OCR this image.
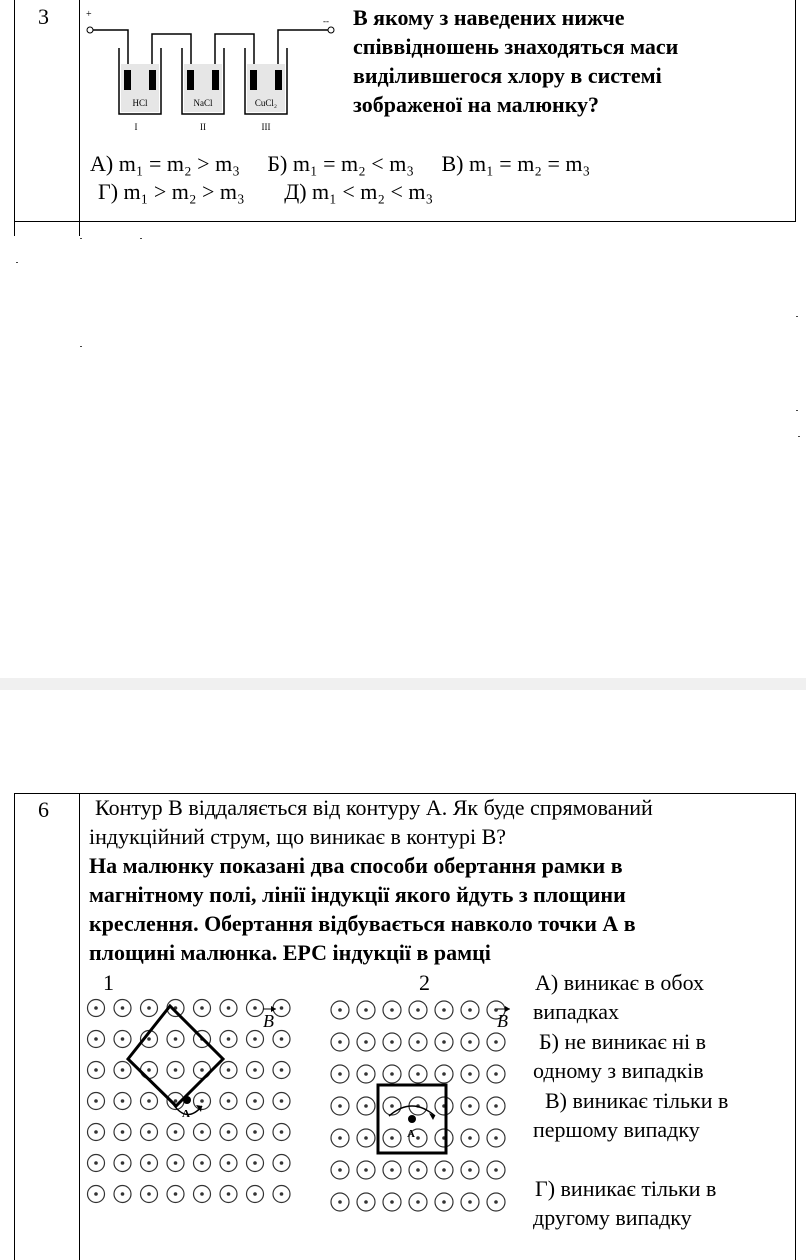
3	+
--
HCl
I
NaCl
II
CuCl₂
III
В якому з наведених нижче
співвідношень знаходяться маси
виділившегося хлору в системі
зображеної на малюнку?
А) m₁ = m₂ > m₃ Б) m₁ = m₂ < m₃ В) m₁ = m₂ = m₃
Г) m₁ > m₂ > m₃ Д) m₁ < m₂ < m₃
6 Контур В віддаляється від контуру А. Як буде спрямований
індукційний струм, що виникає в контурі В?
На малюнку показані два способи обертання рамки в
магнітному полі, лінії індукції якого йдуть з площини
креслення. Обертання відбувається навколо точки А в
площині малюнка. ЕРС індукції в рамці
1
A
B
2
A
B
А) виникає в обох
випадках
Б) не виникає ні в
одному з випадків
В) виникає тільки в
першому випадку
Г) виникає тільки в
другому випадку
